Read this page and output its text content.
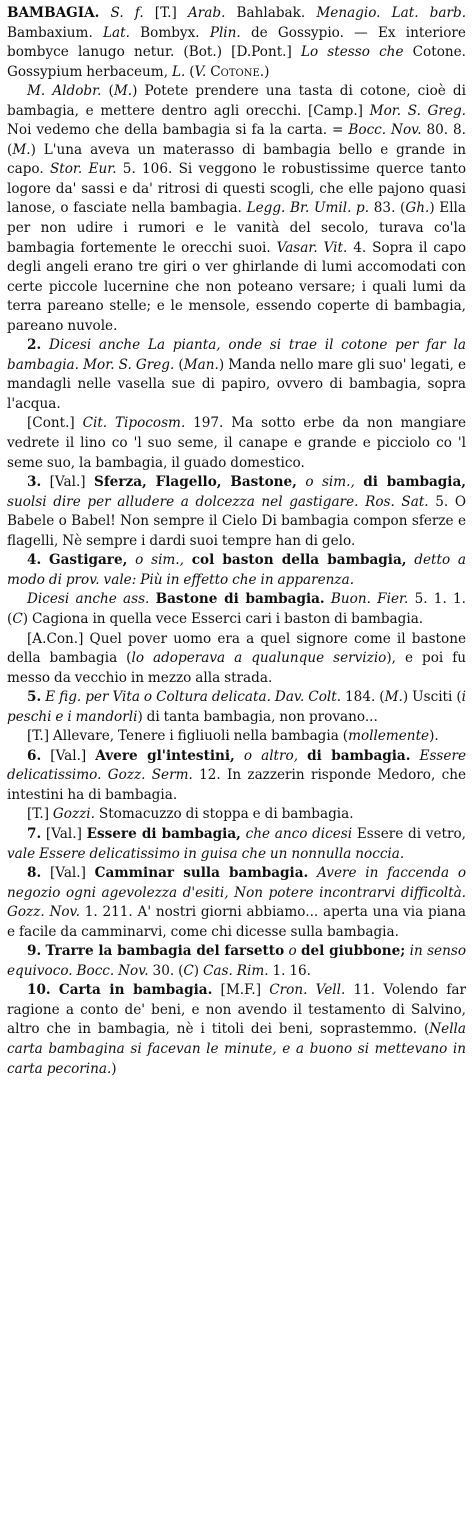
BAMBAGIA. S. f. [T.] Arab. Bahlabak. Menagio. Lat. barb. Bambaxium. Lat. Bombyx. Plin. de Gossypio. — Ex interiore bombyce lanugo netur. (Bot.) [D.Pont.] Lo stesso che Cotone. Gossypium herbaceum, L. (V. Cotone.)

M. Aldobr. (M.) Potete prendere una tasta di cotone, cioè di bambagia, e mettere dentro agli orecchi. [Camp.] Mor. S. Greg. Noi vedemo che della bambagia si fa la carta. = Bocc. Nov. 80. 8. (M.) L'una aveva un materasso di bambagia bello e grande in capo. Stor. Eur. 5. 106. Si veggono le robustissime querce tanto logore da' sassi e da' ritrosi di questi scogli, che elle pajono quasi lanose, o fasciate nella bambagia. Legg. Br. Umil. p. 83. (Gh.) Ella per non udire i rumori e le vanità del secolo, turava co'la bambagia fortemente le orecchi suoi. Vasar. Vit. 4. Sopra il capo degli angeli erano tre giri o ver ghirlande di lumi accomodati con certe piccole lucernine che non poteano versare; i quali lumi da terra pareano stelle; e le mensole, essendo coperte di bambagia, pareano nuvole.

2. Dicesi anche La pianta, onde si trae il cotone per far la bambagia. Mor. S. Greg. (Man.) Manda nello mare gli suo' legati, e mandagli nelle vasella sue di papiro, ovvero di bambagia, sopra l'acqua.

[Cont.] Cit. Tipocosm. 197. Ma sotto erbe da non mangiare vedrete il lino co 'l suo seme, il canape e grande e picciolo co 'l seme suo, la bambagia, il guado domestico.

3. [Val.] Sferza, Flagello, Bastone, o sim., di bambagia, suolsi dire per alludere a dolcezza nel gastigare. Ros. Sat. 5. O Babele o Babel! Non sempre il Cielo Di bambagia compon sferze e flagelli, Nè sempre i dardi suoi tempre han di gelo.

4. Gastigare, o sim., col baston della bambagia, detto a modo di prov. vale: Più in effetto che in apparenza.

Dicesi anche ass. Bastone di bambagia. Buon. Fier. 5. 1. 1. (C) Cagiona in quella vece Esserci cari i baston di bambagia.

[A.Con.] Quel pover uomo era a quel signore come il bastone della bambagia (lo adoperava a qualunque servizio), e poi fu messo da vecchio in mezzo alla strada.

5. E fig. per Vita o Coltura delicata. Dav. Colt. 184. (M.) Usciti (i peschi e i mandorli) di tanta bambagia, non provano...

[T.] Allevare, Tenere i figliuoli nella bambagia (mollemente).

6. [Val.] Avere gl'intestini, o altro, di bambagia. Essere delicatissimo. Gozz. Serm. 12. In zazzerin risponde Medoro, che intestini ha di bambagia.

[T.] Gozzi. Stomacuzzo di stoppa e di bambagia.

7. [Val.] Essere di bambagia, che anco dicesi Essere di vetro, vale Essere delicatissimo in guisa che un nonnulla noccia.

8. [Val.] Camminar sulla bambagia. Avere in faccenda o negozio ogni agevolezza d'esiti, Non potere incontrarvi difficoltà. Gozz. Nov. 1. 211. A' nostri giorni abbiamo... aperta una via piana e facile da camminarvi, come chi dicesse sulla bambagia.

9. Trarre la bambagia del farsetto o del giubbone; in senso equivoco. Bocc. Nov. 30. (C) Cas. Rim. 1. 16.

10. Carta in bambagia. [M.F.] Cron. Vell. 11. Volendo far ragione a conto de' beni, e non avendo il testamento di Salvino, altro che in bambagia, nè i titoli dei beni, soprastemmo. (Nella carta bambagina si facevan le minute, e a buono si mettevano in carta pecorina.)
